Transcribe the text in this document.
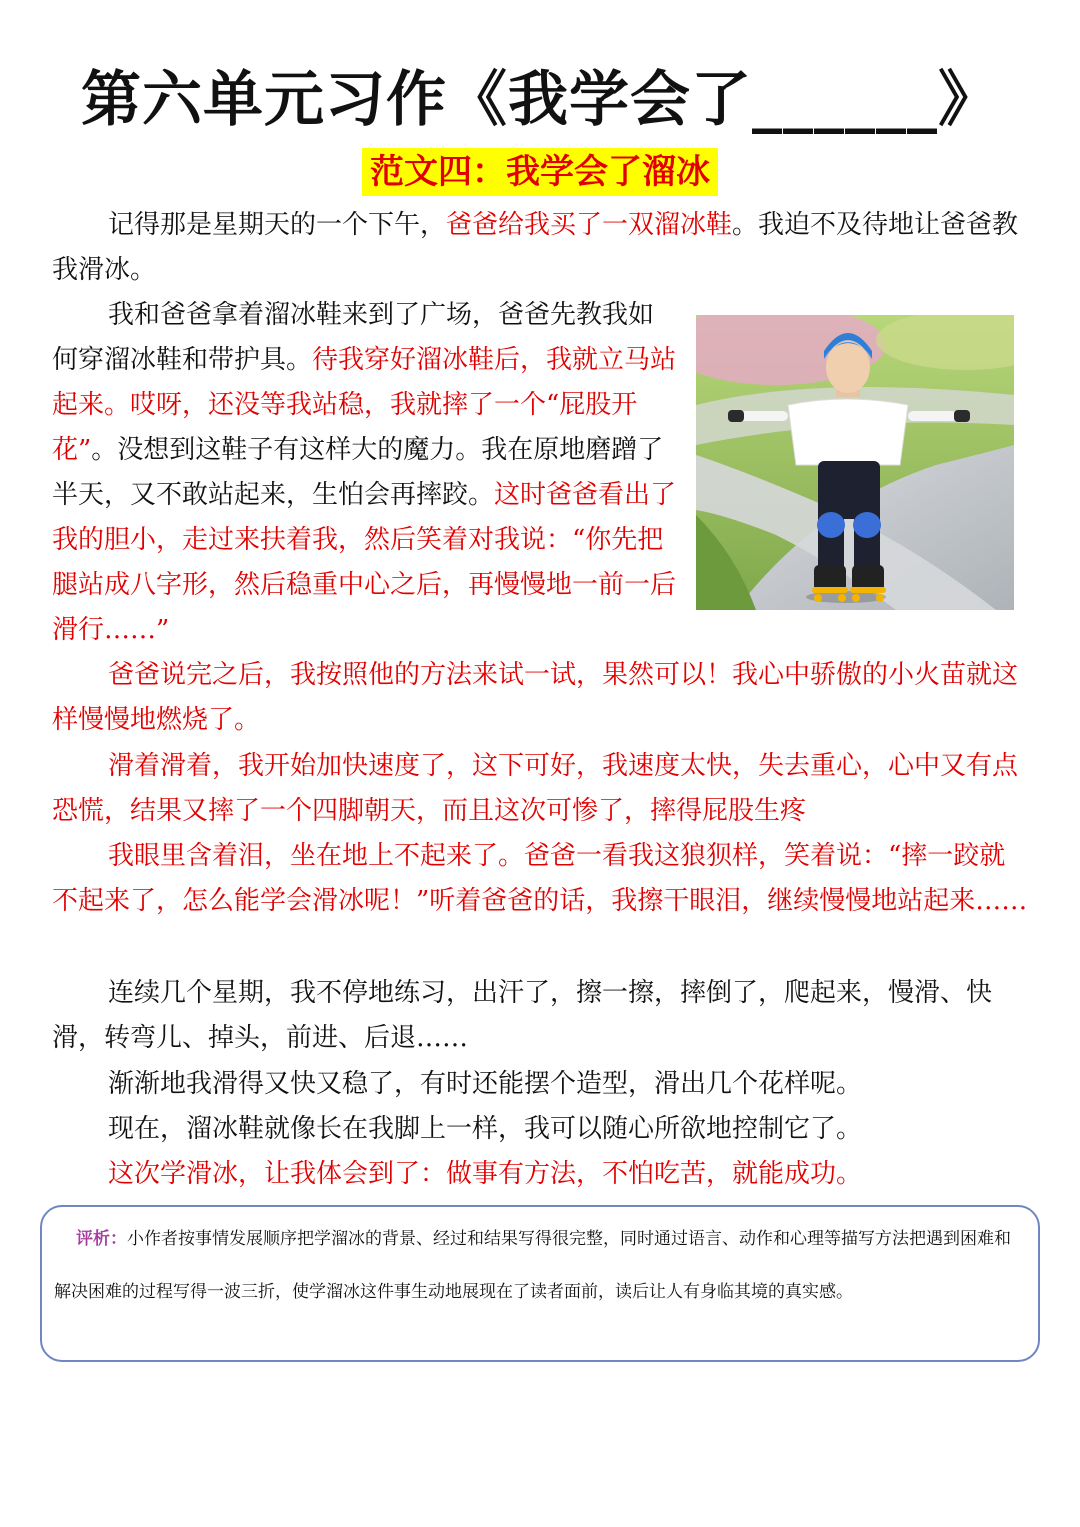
第六单元习作《我学会了______》
范文四：我学会了溜冰

记得那是星期天的一个下午，爸爸给我买了一双溜冰鞋。我迫不及待地让爸爸教我滑冰。

我和爸爸拿着溜冰鞋来到了广场，爸爸先教我如何穿溜冰鞋和带护具。待我穿好溜冰鞋后，我就立马站起来。哎呀，还没等我站稳，我就摔了一个“屁股开花”。没想到这鞋子有这样大的魔力。我在原地磨蹭了半天，又不敢站起来，生怕会再摔跤。这时爸爸看出了我的胆小，走过来扶着我，然后笑着对我说：“你先把腿站成八字形，然后稳重中心之后，再慢慢地一前一后滑行……”

爸爸说完之后，我按照他的方法来试一试，果然可以！我心中骄傲的小火苗就这样慢慢地燃烧了。

滑着滑着，我开始加快速度了，这下可好，我速度太快，失去重心，心中又有点恐慌，结果又摔了一个四脚朝天，而且这次可惨了，摔得屁股生疼

我眼里含着泪，坐在地上不起来了。爸爸一看我这狼狈样，笑着说：“摔一跤就不起来了，怎么能学会滑冰呢！”听着爸爸的话，我擦干眼泪，继续慢慢地站起来……

连续几个星期，我不停地练习，出汗了，擦一擦，摔倒了，爬起来，慢滑、快滑，转弯儿、掉头，前进、后退……

渐渐地我滑得又快又稳了，有时还能摆个造型，滑出几个花样呢。

现在，溜冰鞋就像长在我脚上一样，我可以随心所欲地控制它了。

这次学滑冰，让我体会到了：做事有方法，不怕吃苦，就能成功。

评析：小作者按事情发展顺序把学溜冰的背景、经过和结果写得很完整，同时通过语言、动作和心理等描写方法把遇到困难和解决困难的过程写得一波三折，使学溜冰这件事生动地展现在了读者面前，读后让人有身临其境的真实感。
